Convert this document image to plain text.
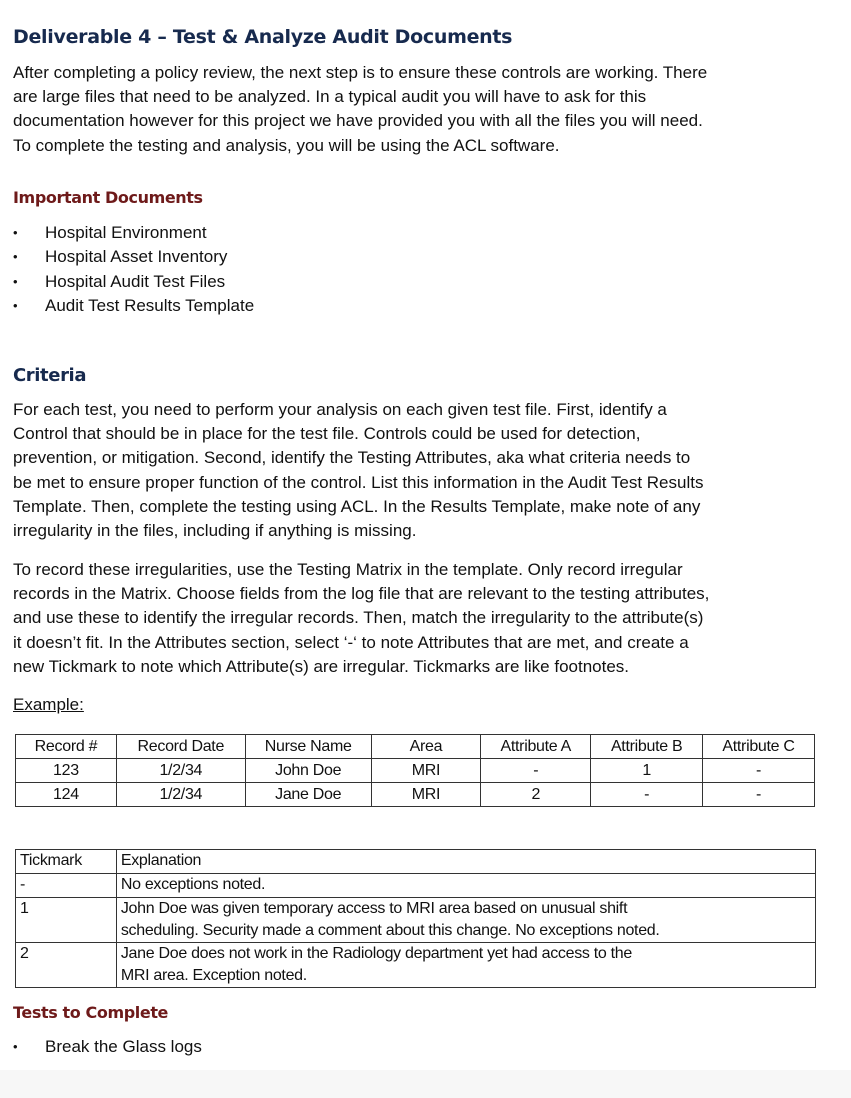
Deliverable 4 – Test & Analyze Audit Documents
After completing a policy review, the next step is to ensure these controls are working. There
are large files that need to be analyzed. In a typical audit you will have to ask for this
documentation however for this project we have provided you with all the files you will need.
To complete the testing and analysis, you will be using the ACL software.
Important Documents
• Hospital Environment
• Hospital Asset Inventory
• Hospital Audit Test Files
• Audit Test Results Template
Criteria
For each test, you need to perform your analysis on each given test file. First, identify a
Control that should be in place for the test file. Controls could be used for detection,
prevention, or mitigation. Second, identify the Testing Attributes, aka what criteria needs to
be met to ensure proper function of the control. List this information in the Audit Test Results
Template. Then, complete the testing using ACL. In the Results Template, make note of any
irregularity in the files, including if anything is missing.
To record these irregularities, use the Testing Matrix in the template. Only record irregular
records in the Matrix. Choose fields from the log file that are relevant to the testing attributes,
and use these to identify the irregular records. Then, match the irregularity to the attribute(s)
it doesn’t fit. In the Attributes section, select ‘-‘ to note Attributes that are met, and create a
new Tickmark to note which Attribute(s) are irregular. Tickmarks are like footnotes.
Example:
Record #	Record Date	Nurse Name	Area	Attribute A	Attribute B	Attribute C
123	1/2/34	John Doe	MRI	-	1	-
124	1/2/34	Jane Doe	MRI	2	-	-
Tickmark	Explanation
-	No exceptions noted.
1	John Doe was given temporary access to MRI area based on unusual shift
scheduling. Security made a comment about this change. No exceptions noted.

2	Jane Doe does not work in the Radiology department yet had access to the
MRI area. Exception noted.
Tests to Complete
• Break the Glass logs
